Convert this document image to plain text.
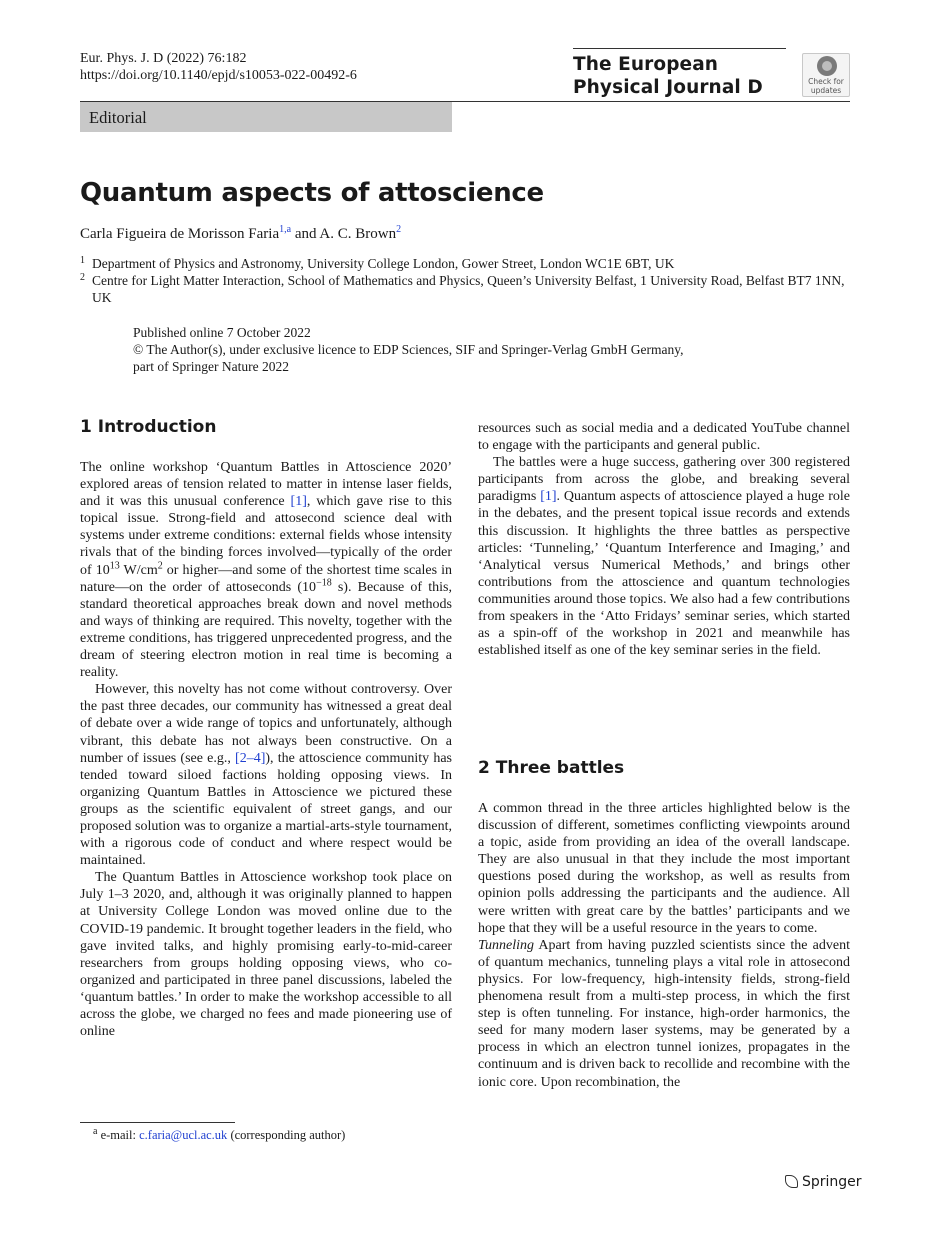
Eur. Phys. J. D (2022) 76:182
https://doi.org/10.1140/epjd/s10053-022-00492-6
The European
Physical Journal D	Check for
updates
Editorial
Quantum aspects of attoscience
Carla Figueira de Morisson Faria$^{1,a}$ and A. C. Brown$^2$
1 Department of Physics and Astronomy, University College London, Gower Street, London WC1E 6BT, UK
2 Centre for Light Matter Interaction, School of Mathematics and Physics, Queen’s University Belfast, 1 University Road, Belfast BT7 1NN, UK
Published online 7 October 2022
© The Author(s), under exclusive licence to EDP Sciences, SIF and Springer-Verlag GmbH Germany,
part of Springer Nature 2022
1 Introduction

The online workshop ‘Quantum Battles in Attoscience 2020’ explored areas of tension related to matter in intense laser fields, and it was this unusual conference [1], which gave rise to this topical issue. Strong-field and attosecond science deal with systems under extreme conditions: external fields whose intensity rivals that of the binding forces involved—typically of the order of $10^{13}$ $W/cm^2$ or higher—and some of the shortest time scales in nature—on the order of attoseconds ($10^{-18}$ s). Because of this, standard theoretical approaches break down and novel methods and ways of thinking are required. This novelty, together with the extreme conditions, has triggered unprecedented progress, and the dream of steering electron motion in real time is becoming a reality.

However, this novelty has not come without controversy. Over the past three decades, our community has witnessed a great deal of debate over a wide range of topics and unfortunately, although vibrant, this debate has not always been constructive. On a number of issues (see e.g., [2–4]), the attoscience community has tended toward siloed factions holding opposing views. In organizing Quantum Battles in Attoscience we pictured these groups as the scientific equivalent of street gangs, and our proposed solution was to organize a martial-arts-style tournament, with a rigorous code of conduct and where respect would be maintained.

The Quantum Battles in Attoscience workshop took place on July 1–3 2020, and, although it was originally planned to happen at University College London was moved online due to the COVID-19 pandemic. It brought together leaders in the field, who gave invited talks, and highly promising early-to-mid-career researchers from groups holding opposing views, who co-organized and participated in three panel discussions, labeled the ‘quantum battles.’ In order to make the workshop accessible to all across the globe, we charged no fees and made pioneering use of online

$^a$ e-mail: c.faria@ucl.ac.uk (corresponding author)

resources such as social media and a dedicated YouTube channel to engage with the participants and general public.

The battles were a huge success, gathering over 300 registered participants from across the globe, and breaking several paradigms [1]. Quantum aspects of attoscience played a huge role in the debates, and the present topical issue records and extends this discussion. It highlights the three battles as perspective articles: ‘Tunneling,’ ‘Quantum Interference and Imaging,’ and ‘Analytical versus Numerical Methods,’ and brings other contributions from the attoscience and quantum technologies communities around those topics. We also had a few contributions from speakers in the ‘Atto Fridays’ seminar series, which started as a spin-off of the workshop in 2021 and meanwhile has established itself as one of the key seminar series in the field.

2 Three battles

A common thread in the three articles highlighted below is the discussion of different, sometimes conflicting viewpoints around a topic, aside from providing an idea of the overall landscape. They are also unusual in that they include the most important questions posed during the workshop, as well as results from opinion polls addressing the participants and the audience. All were written with great care by the battles’ participants and we hope that they will be a useful resource in the years to come.

Tunneling Apart from having puzzled scientists since the advent of quantum mechanics, tunneling plays a vital role in attosecond physics. For low-frequency, high-intensity fields, strong-field phenomena result from a multi-step process, in which the first step is often tunneling. For instance, high-order harmonics, the seed for many modern laser systems, may be generated by a process in which an electron tunnel ionizes, propagates in the continuum and is driven back to recollide and recombine with the ionic core. Upon recombination, the

Springer
